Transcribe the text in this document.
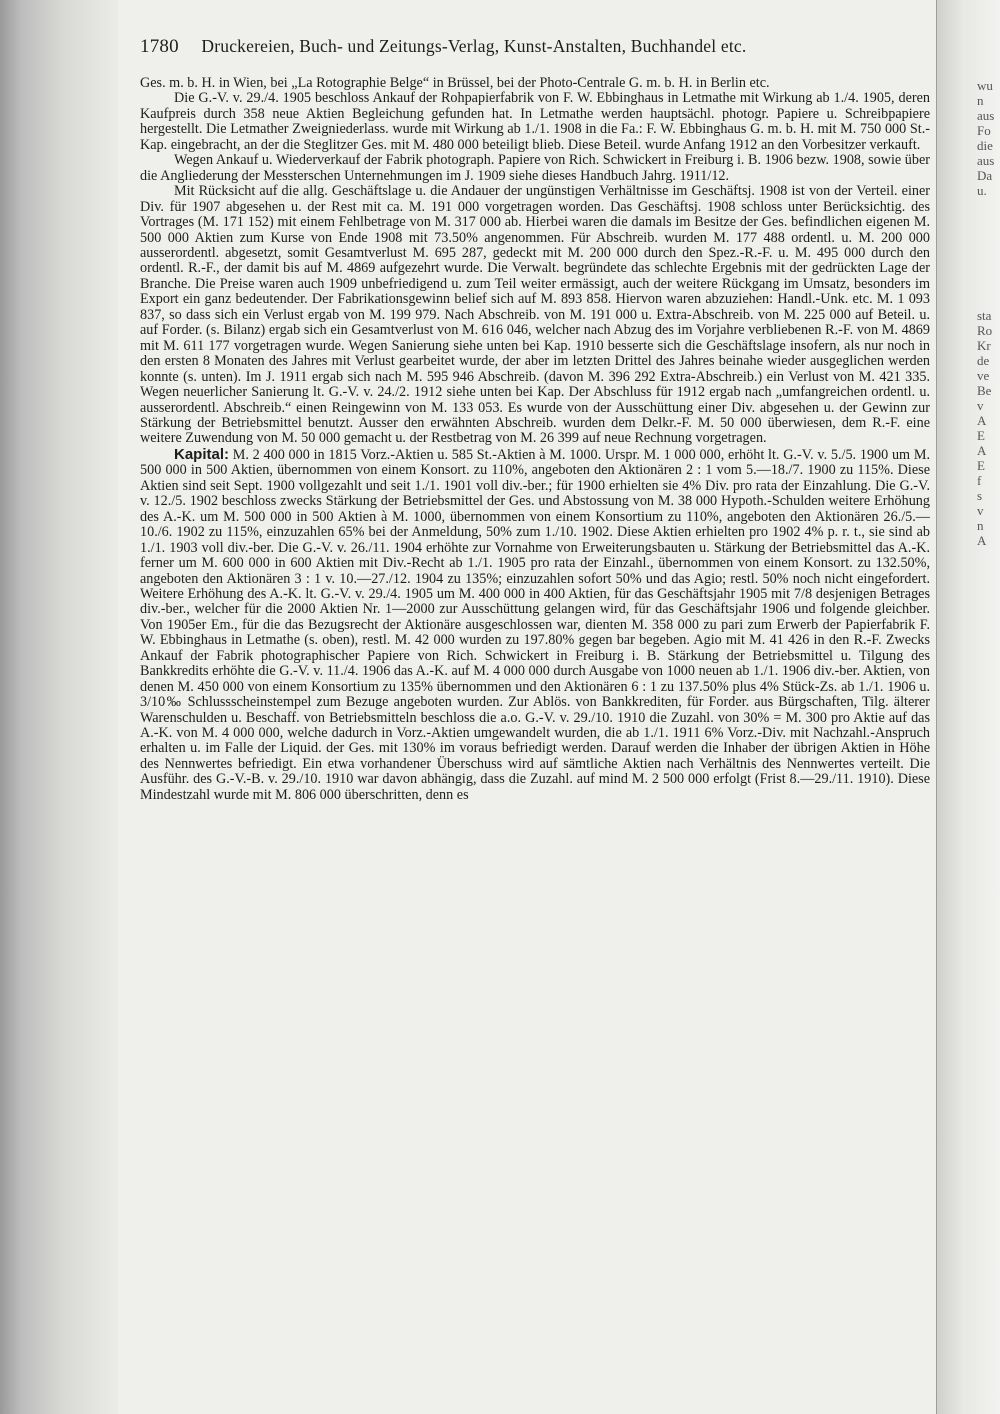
1780 Druckereien, Buch- und Zeitungs-Verlag, Kunst-Anstalten, Buchhandel etc.

Ges. m. b. H. in Wien, bei „La Rotographie Belge“ in Brüssel, bei der Photo-Centrale G. m. b. H. in Berlin etc.

Die G.-V. v. 29./4. 1905 beschloss Ankauf der Rohpapierfabrik von F. W. Ebbinghaus in Letmathe mit Wirkung ab 1./4. 1905, deren Kaufpreis durch 358 neue Aktien Begleichung gefunden hat. In Letmathe werden hauptsächl. photogr. Papiere u. Schreibpapiere hergestellt. Die Letmather Zweigniederlass. wurde mit Wirkung ab 1./1. 1908 in die Fa.: F. W. Ebbinghaus G. m. b. H. mit M. 750 000 St.-Kap. eingebracht, an der die Steglitzer Ges. mit M. 480 000 beteiligt blieb. Diese Beteil. wurde Anfang 1912 an den Vorbesitzer verkauft.

Wegen Ankauf u. Wiederverkauf der Fabrik photograph. Papiere von Rich. Schwickert in Freiburg i. B. 1906 bezw. 1908, sowie über die Angliederung der Messterschen Unternehmungen im J. 1909 siehe dieses Handbuch Jahrg. 1911/12.

Mit Rücksicht auf die allg. Geschäftslage u. die Andauer der ungünstigen Verhältnisse im Geschäftsj. 1908 ist von der Verteil. einer Div. für 1907 abgesehen u. der Rest mit ca. M. 191 000 vorgetragen worden. Das Geschäftsj. 1908 schloss unter Berücksichtig. des Vortrages (M. 171 152) mit einem Fehlbetrage von M. 317 000 ab. Hierbei waren die damals im Besitze der Ges. befindlichen eigenen M. 500 000 Aktien zum Kurse von Ende 1908 mit 73.50% angenommen. Für Abschreib. wurden M. 177 488 ordentl. u. M. 200 000 ausserordentl. abgesetzt, somit Gesamtverlust M. 695 287, gedeckt mit M. 200 000 durch den Spez.-R.-F. u. M. 495 000 durch den ordentl. R.-F., der damit bis auf M. 4869 aufgezehrt wurde. Die Verwalt. begründete das schlechte Ergebnis mit der gedrückten Lage der Branche. Die Preise waren auch 1909 unbefriedigend u. zum Teil weiter ermässigt, auch der weitere Rückgang im Umsatz, besonders im Export ein ganz bedeutender. Der Fabrikationsgewinn belief sich auf M. 893 858. Hiervon waren abzuziehen: Handl.-Unk. etc. M. 1 093 837, so dass sich ein Verlust ergab von M. 199 979. Nach Abschreib. von M. 191 000 u. Extra-Abschreib. von M. 225 000 auf Beteil. u. auf Forder. (s. Bilanz) ergab sich ein Gesamtverlust von M. 616 046, welcher nach Abzug des im Vorjahre verbliebenen R.-F. von M. 4869 mit M. 611 177 vorgetragen wurde. Wegen Sanierung siehe unten bei Kap. 1910 besserte sich die Geschäftslage insofern, als nur noch in den ersten 8 Monaten des Jahres mit Verlust gearbeitet wurde, der aber im letzten Drittel des Jahres beinahe wieder ausgeglichen werden konnte (s. unten). Im J. 1911 ergab sich nach M. 595 946 Abschreib. (davon M. 396 292 Extra-Abschreib.) ein Verlust von M. 421 335. Wegen neuerlicher Sanierung lt. G.-V. v. 24./2. 1912 siehe unten bei Kap. Der Abschluss für 1912 ergab nach „umfangreichen ordentl. u. ausserordentl. Abschreib.“ einen Reingewinn von M. 133 053. Es wurde von der Ausschüttung einer Div. abgesehen u. der Gewinn zur Stärkung der Betriebsmittel benutzt. Ausser den erwähnten Abschreib. wurden dem Delkr.-F. M. 50 000 überwiesen, dem R.-F. eine weitere Zuwendung von M. 50 000 gemacht u. der Restbetrag von M. 26 399 auf neue Rechnung vorgetragen.

Kapital: M. 2 400 000 in 1815 Vorz.-Aktien u. 585 St.-Aktien à M. 1000. Urspr. M. 1 000 000, erhöht lt. G.-V. v. 5./5. 1900 um M. 500 000 in 500 Aktien, übernommen von einem Konsort. zu 110%, angeboten den Aktionären 2 : 1 vom 5.—18./7. 1900 zu 115%. Diese Aktien sind seit Sept. 1900 vollgezahlt und seit 1./1. 1901 voll div.-ber.; für 1900 erhielten sie 4% Div. pro rata der Einzahlung. Die G.-V. v. 12./5. 1902 beschloss zwecks Stärkung der Betriebsmittel der Ges. und Abstossung von M. 38 000 Hypoth.-Schulden weitere Erhöhung des A.-K. um M. 500 000 in 500 Aktien à M. 1000, übernommen von einem Konsortium zu 110%, angeboten den Aktionären 26./5.—10./6. 1902 zu 115%, einzuzahlen 65% bei der Anmeldung, 50% zum 1./10. 1902. Diese Aktien erhielten pro 1902 4% p. r. t., sie sind ab 1./1. 1903 voll div.-ber. Die G.-V. v. 26./11. 1904 erhöhte zur Vornahme von Erweiterungsbauten u. Stärkung der Betriebsmittel das A.-K. ferner um M. 600 000 in 600 Aktien mit Div.-Recht ab 1./1. 1905 pro rata der Einzahl., übernommen von einem Konsort. zu 132.50%, angeboten den Aktionären 3 : 1 v. 10.—27./12. 1904 zu 135%; einzuzahlen sofort 50% und das Agio; restl. 50% noch nicht eingefordert. Weitere Erhöhung des A.-K. lt. G.-V. v. 29./4. 1905 um M. 400 000 in 400 Aktien, für das Geschäftsjahr 1905 mit 7/8 desjenigen Betrages div.-ber., welcher für die 2000 Aktien Nr. 1—2000 zur Ausschüttung gelangen wird, für das Geschäftsjahr 1906 und folgende gleichber. Von 1905er Em., für die das Bezugsrecht der Aktionäre ausgeschlossen war, dienten M. 358 000 zu pari zum Erwerb der Papierfabrik F. W. Ebbinghaus in Letmathe (s. oben), restl. M. 42 000 wurden zu 197.80% gegen bar begeben. Agio mit M. 41 426 in den R.-F. Zwecks Ankauf der Fabrik photographischer Papiere von Rich. Schwickert in Freiburg i. B. Stärkung der Betriebsmittel u. Tilgung des Bankkredits erhöhte die G.-V. v. 11./4. 1906 das A.-K. auf M. 4 000 000 durch Ausgabe von 1000 neuen ab 1./1. 1906 div.-ber. Aktien, von denen M. 450 000 von einem Konsortium zu 135% übernommen und den Aktionären 6 : 1 zu 137.50% plus 4% Stück-Zs. ab 1./1. 1906 u. 3/10‰ Schlussscheinstempel zum Bezuge angeboten wurden. Zur Ablös. von Bankkrediten, für Forder. aus Bürgschaften, Tilg. älterer Warenschulden u. Beschaff. von Betriebsmitteln beschloss die a.o. G.-V. v. 29./10. 1910 die Zuzahl. von 30% = M. 300 pro Aktie auf das A.-K. von M. 4 000 000, welche dadurch in Vorz.-Aktien umgewandelt wurden, die ab 1./1. 1911 6% Vorz.-Div. mit Nachzahl.-Anspruch erhalten u. im Falle der Liquid. der Ges. mit 130% im voraus befriedigt werden. Darauf werden die Inhaber der übrigen Aktien in Höhe des Nennwertes befriedigt. Ein etwa vorhandener Überschuss wird auf sämtliche Aktien nach Verhältnis des Nennwertes verteilt. Die Ausführ. des G.-V.-B. v. 29./10. 1910 war davon abhängig, dass die Zuzahl. auf mind M. 2 500 000 erfolgt (Frist 8.—29./11. 1910). Diese Mindestzahl wurde mit M. 806 000 überschritten, denn es

wu
n
aus
Fo
die
aus
Da
u.
sta
Ro
Kr
de
ve
Be
v
A
E
A
E
f
s
v
n
A
